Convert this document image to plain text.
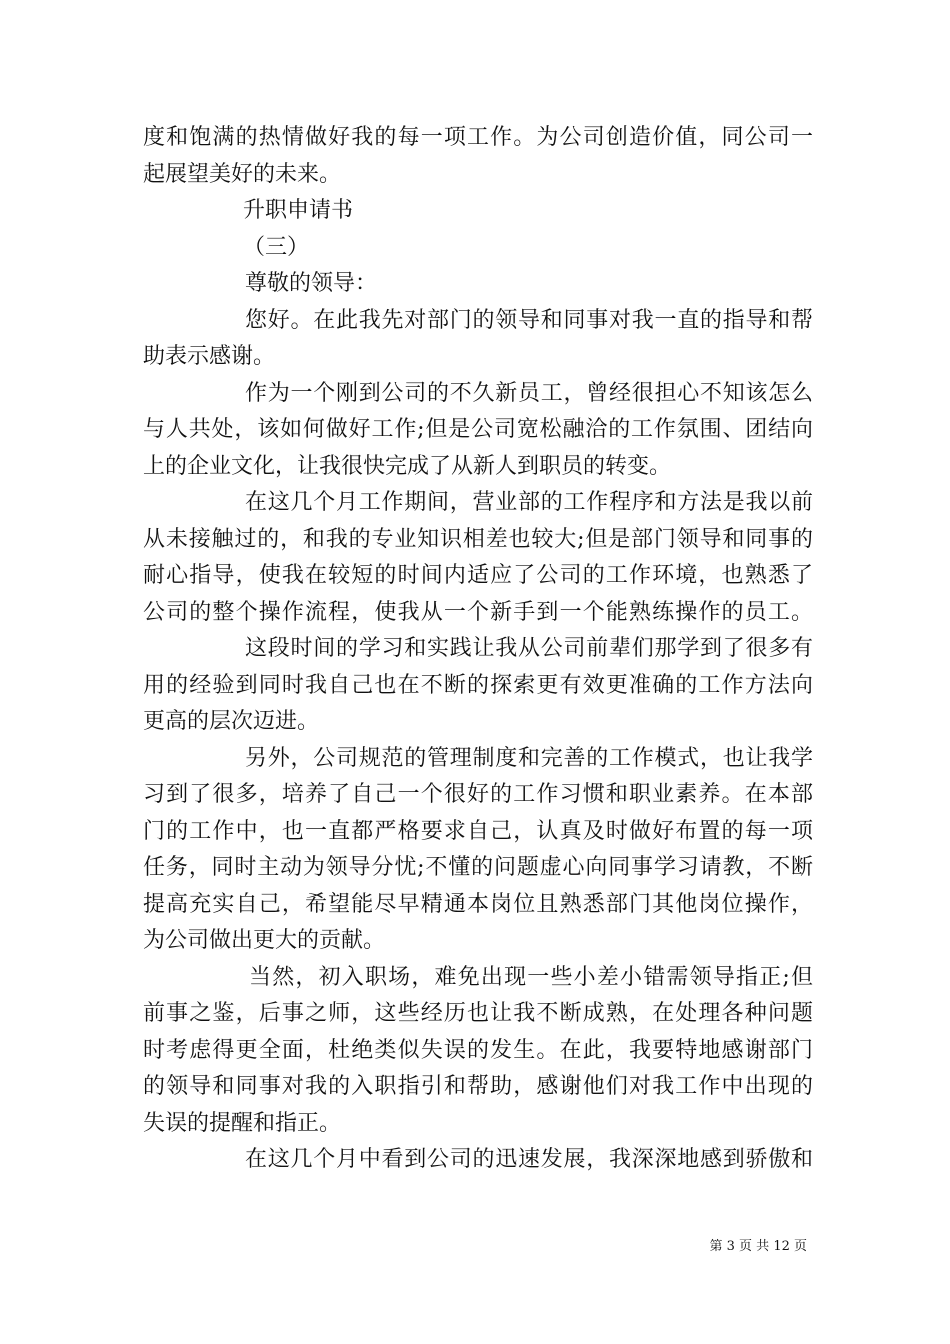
度和饱满的热情做好我的每一项工作。为公司创造价值，同公司一
起展望美好的未来。
升职申请书
（三）
尊敬的领导：
您好。在此我先对部门的领导和同事对我一直的指导和帮
助表示感谢。
作为一个刚到公司的不久新员工，曾经很担心不知该怎么
与人共处，该如何做好工作;但是公司宽松融洽的工作氛围、团结向
上的企业文化，让我很快完成了从新人到职员的转变。
在这几个月工作期间，营业部的工作程序和方法是我以前
从未接触过的，和我的专业知识相差也较大;但是部门领导和同事的
耐心指导，使我在较短的时间内适应了公司的工作环境，也熟悉了
公司的整个操作流程，使我从一个新手到一个能熟练操作的员工。
这段时间的学习和实践让我从公司前辈们那学到了很多有
用的经验到同时我自己也在不断的探索更有效更准确的工作方法向
更高的层次迈进。
另外，公司规范的管理制度和完善的工作模式，也让我学
习到了很多，培养了自己一个很好的工作习惯和职业素养。在本部
门的工作中，也一直都严格要求自己，认真及时做好布置的每一项
任务，同时主动为领导分忧;不懂的问题虚心向同事学习请教，不断
提高充实自己，希望能尽早精通本岗位且熟悉部门其他岗位操作，
为公司做出更大的贡献。
当然，初入职场，难免出现一些小差小错需领导指正;但
前事之鉴，后事之师，这些经历也让我不断成熟，在处理各种问题
时考虑得更全面，杜绝类似失误的发生。在此，我要特地感谢部门
的领导和同事对我的入职指引和帮助，感谢他们对我工作中出现的
失误的提醒和指正。
在这几个月中看到公司的迅速发展，我深深地感到骄傲和
第 3 页 共 12 页
